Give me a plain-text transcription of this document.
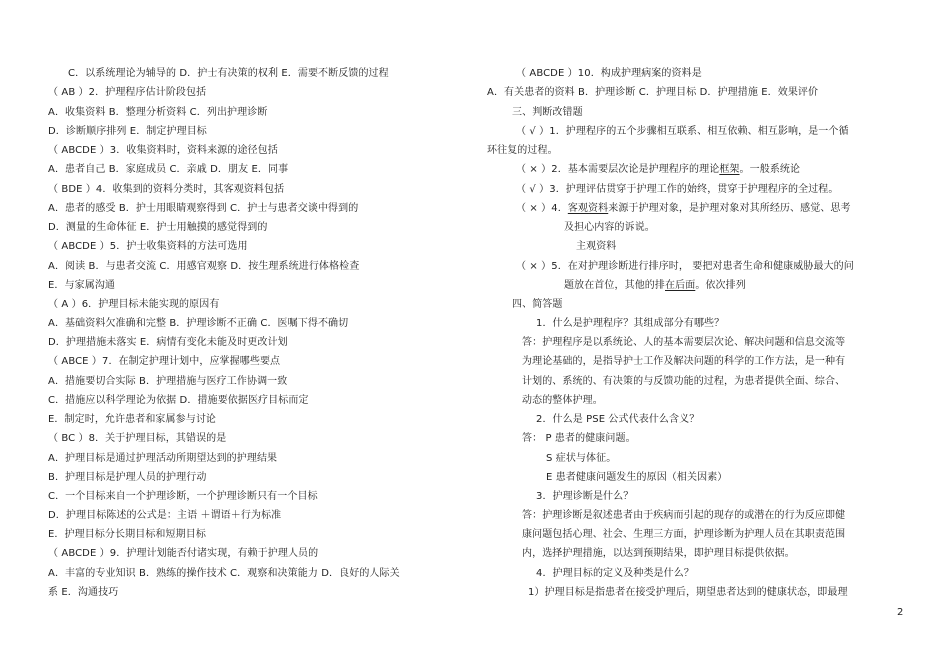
C．以系统理论为辅导的 D．护士有决策的权利 E．需要不断反馈的过程
（ AB ）2．护理程序估计阶段包括
A．收集资料 B．整理分析资料 C．列出护理诊断
D．诊断顺序排列 E．制定护理目标
（ ABCDE ）3．收集资料时，资料来源的途径包括
A．患者自己 B．家庭成员 C．亲戚 D．朋友 E．同事
（ BDE ）4．收集到的资料分类时，其客观资料包括
A．患者的感受 B．护士用眼睛观察得到 C．护士与患者交谈中得到的
D．测量的生命体征 E．护士用触摸的感觉得到的
（ ABCDE ）5．护士收集资料的方法可选用
A．阅读 B．与患者交流 C．用感官观察 D．按生理系统进行体格检查
E．与家属沟通
（ A ）6．护理目标未能实现的原因有
A．基础资料欠准确和完整 B．护理诊断不正确 C．医嘱下得不确切
D．护理措施未落实 E．病情有变化未能及时更改计划
（ ABCE ）7．在制定护理计划中，应掌握哪些要点
A．措施要切合实际 B．护理措施与医疗工作协调一致
C．措施应以科学理论为依据 D．措施要依据医疗目标而定
E．制定时，允许患者和家属参与讨论
（ BC ）8．关于护理目标，其错误的是
A．护理目标是通过护理活动所期望达到的护理结果
B．护理目标是护理人员的护理行动
C．一个目标来自一个护理诊断，一个护理诊断只有一个目标
D．护理目标陈述的公式是：主语 ＋谓语＋行为标准
E．护理目标分长期目标和短期目标
（ ABCDE ）9．护理计划能否付诸实现，有赖于护理人员的
A．丰富的专业知识 B．熟练的操作技术 C．观察和决策能力 D．良好的人际关
系 E．沟通技巧
（ ABCDE ）10．构成护理病案的资料是
A．有关患者的资料 B．护理诊断 C．护理目标 D．护理措施 E．效果评价
三、判断改错题
（ √ ）1．护理程序的五个步骤相互联系、相互依赖、相互影响，是一个循
环往复的过程。
（ × ）2．基本需要层次论是护理程序的理论框架。一般系统论
（ √ ）3．护理评估贯穿于护理工作的始终，贯穿于护理程序的全过程。
（ × ）4．客观资料来源于护理对象，是护理对象对其所经历、感觉、思考
及担心内容的诉说。
主观资料
（ × ）5．在对护理诊断进行排序时， 要把对患者生命和健康威胁最大的问
题放在首位，其他的排在后面。依次排列
四、简答题
1．什么是护理程序？其组成部分有哪些？
答：护理程序是以系统论、人的基本需要层次论、解决问题和信息交流等
为理论基础的，是指导护士工作及解决问题的科学的工作方法，是一种有
计划的、系统的、有决策的与反馈功能的过程，为患者提供全面、综合、
动态的整体护理。
2．什么是 PSE 公式代表什么含义？
答： P 患者的健康问题。
S 症状与体征。
E 患者健康问题发生的原因（相关因素）
3．护理诊断是什么？
答：护理诊断是叙述患者由于疾病而引起的现存的或潜在的行为反应即健
康问题包括心理、社会、生理三方面，护理诊断为护理人员在其职责范围
内，选择护理措施，以达到预期结果，即护理目标提供依据。
4．护理目标的定义及种类是什么？
1）护理目标是指患者在接受护理后，期望患者达到的健康状态，即最理
2
